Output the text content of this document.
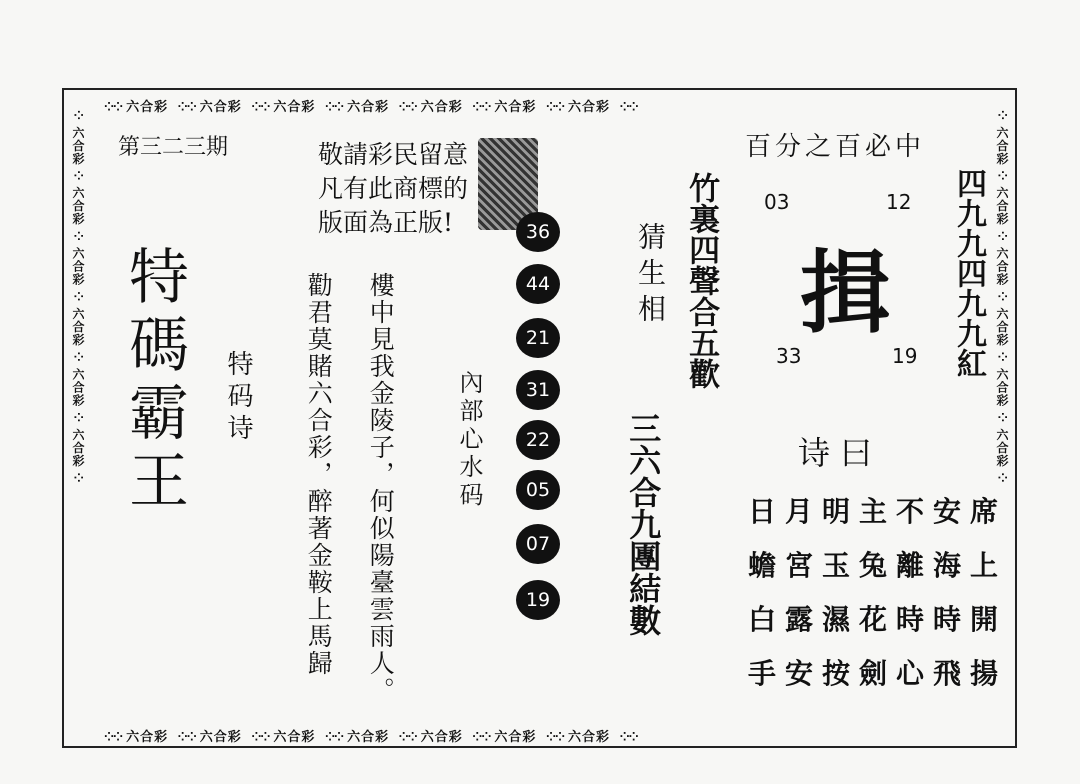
⁘⁘ 六合彩 ⁘⁘ 六合彩 ⁘⁘ 六合彩 ⁘⁘ 六合彩 ⁘⁘ 六合彩 ⁘⁘ 六合彩 ⁘⁘ 六合彩 ⁘⁘
⁘⁘ 六合彩 ⁘⁘ 六合彩 ⁘⁘ 六合彩 ⁘⁘ 六合彩 ⁘⁘ 六合彩 ⁘⁘ 六合彩 ⁘⁘ 六合彩 ⁘⁘
⁘ 六合彩 ⁘ 六合彩 ⁘ 六合彩 ⁘ 六合彩 ⁘ 六合彩 ⁘ 六合彩 ⁘
⁘ 六合彩 ⁘ 六合彩 ⁘ 六合彩 ⁘ 六合彩 ⁘ 六合彩 ⁘ 六合彩 ⁘
第三二三期
特碼霸王 特码诗
敬請彩民留意凡有此商標的版面為正版!
樓中見我金陵子，何似陽臺雲雨人。
勸君莫賭六合彩，醉著金鞍上馬歸	內部心水码
36
44
21
31
22
05
07
19
猜生相 竹裏四聲合五歡
三六合九團結數
百分之百必中
03	12
33	19
揖 四九九四九九紅
诗曰
日月明主不安席
蟾宮玉兔離海上
白露濕花時時開
手安按劍心飛揚
